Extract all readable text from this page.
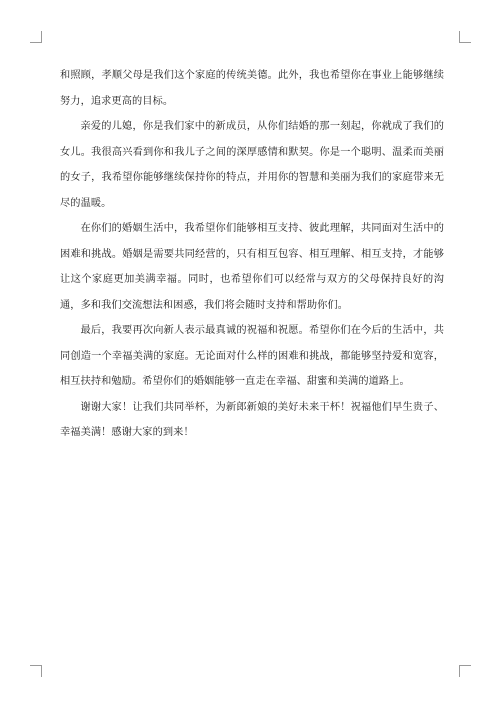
和照顾，孝顺父母是我们这个家庭的传统美德。此外，我也希望你在事业上能够继续努力，追求更高的目标。

亲爱的儿媳，你是我们家中的新成员，从你们结婚的那一刻起，你就成了我们的女儿。我很高兴看到你和我儿子之间的深厚感情和默契。你是一个聪明、温柔而美丽的女子，我希望你能够继续保持你的特点，并用你的智慧和美丽为我们的家庭带来无尽的温暖。

在你们的婚姻生活中，我希望你们能够相互支持、彼此理解，共同面对生活中的困难和挑战。婚姻是需要共同经营的，只有相互包容、相互理解、相互支持，才能够让这个家庭更加美满幸福。同时，也希望你们可以经常与双方的父母保持良好的沟通，多和我们交流想法和困惑，我们将会随时支持和帮助你们。

最后，我要再次向新人表示最真诚的祝福和祝愿。希望你们在今后的生活中，共同创造一个幸福美满的家庭。无论面对什么样的困难和挑战，都能够坚持爱和宽容，相互扶持和勉励。希望你们的婚姻能够一直走在幸福、甜蜜和美满的道路上。

谢谢大家！让我们共同举杯，为新郎新娘的美好未来干杯！祝福他们早生贵子、幸福美满！感谢大家的到来！
